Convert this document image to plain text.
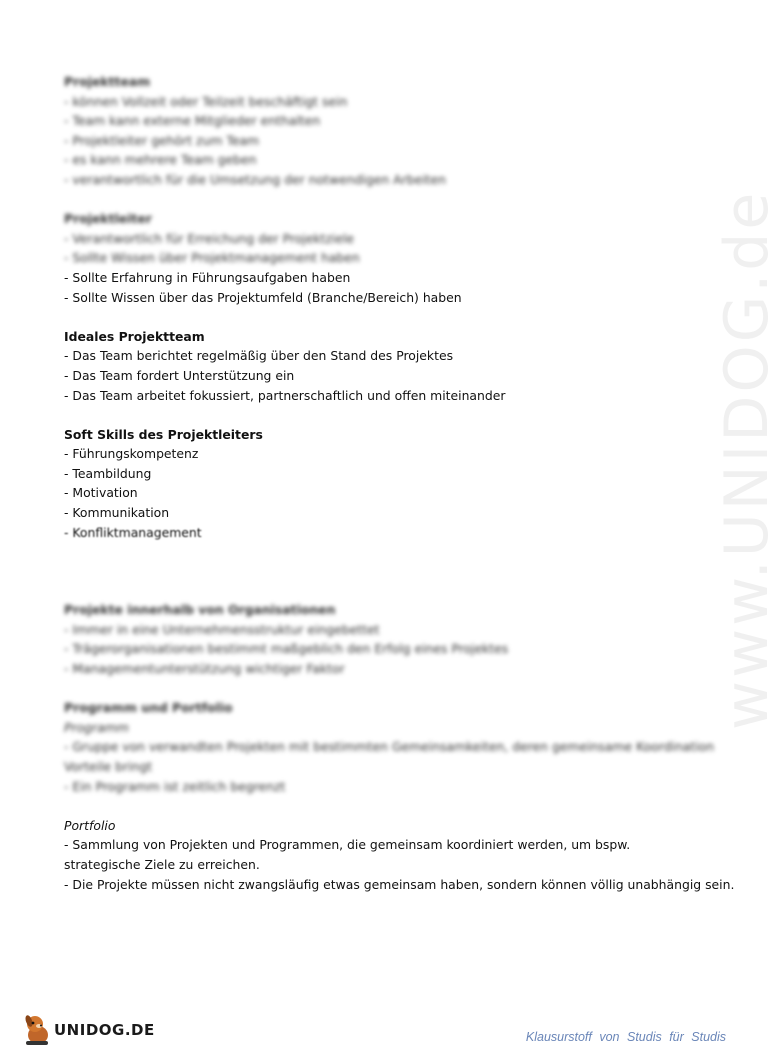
www.UNIDOG.de
Projektteam
- können Vollzeit oder Teilzeit beschäftigt sein
- Team kann externe Mitglieder enthalten
- Projektleiter gehört zum Team
- es kann mehrere Team geben
- verantwortlich für die Umsetzung der notwendigen Arbeiten
Projektleiter
- Verantwortlich für Erreichung der Projektziele
- Sollte Wissen über Projektmanagement haben
- Sollte Erfahrung in Führungsaufgaben haben
- Sollte Wissen über das Projektumfeld (Branche/Bereich) haben
Ideales Projektteam
- Das Team berichtet regelmäßig über den Stand des Projektes
- Das Team fordert Unterstützung ein
- Das Team arbeitet fokussiert, partnerschaftlich und offen miteinander
Soft Skills des Projektleiters
- Führungskompetenz
- Teambildung
- Motivation
- Kommunikation
- Konfliktmanagement
Projekte innerhalb von Organisationen
- Immer in eine Unternehmensstruktur eingebettet
- Trägerorganisationen bestimmt maßgeblich den Erfolg eines Projektes
- Managementunterstützung wichtiger Faktor
Programm und Portfolio
Programm
- Gruppe von verwandten Projekten mit bestimmten Gemeinsamkeiten, deren gemeinsame Koordination
Vorteile bringt
- Ein Programm ist zeitlich begrenzt
Portfolio
- Sammlung von Projekten und Programmen, die gemeinsam koordiniert werden, um bspw. strategische Ziele zu erreichen.
- Die Projekte müssen nicht zwangsläufig etwas gemeinsam haben, sondern können völlig unabhängig sein.
UNIDOG.DE	Klausurstoff von Studis für Studis
